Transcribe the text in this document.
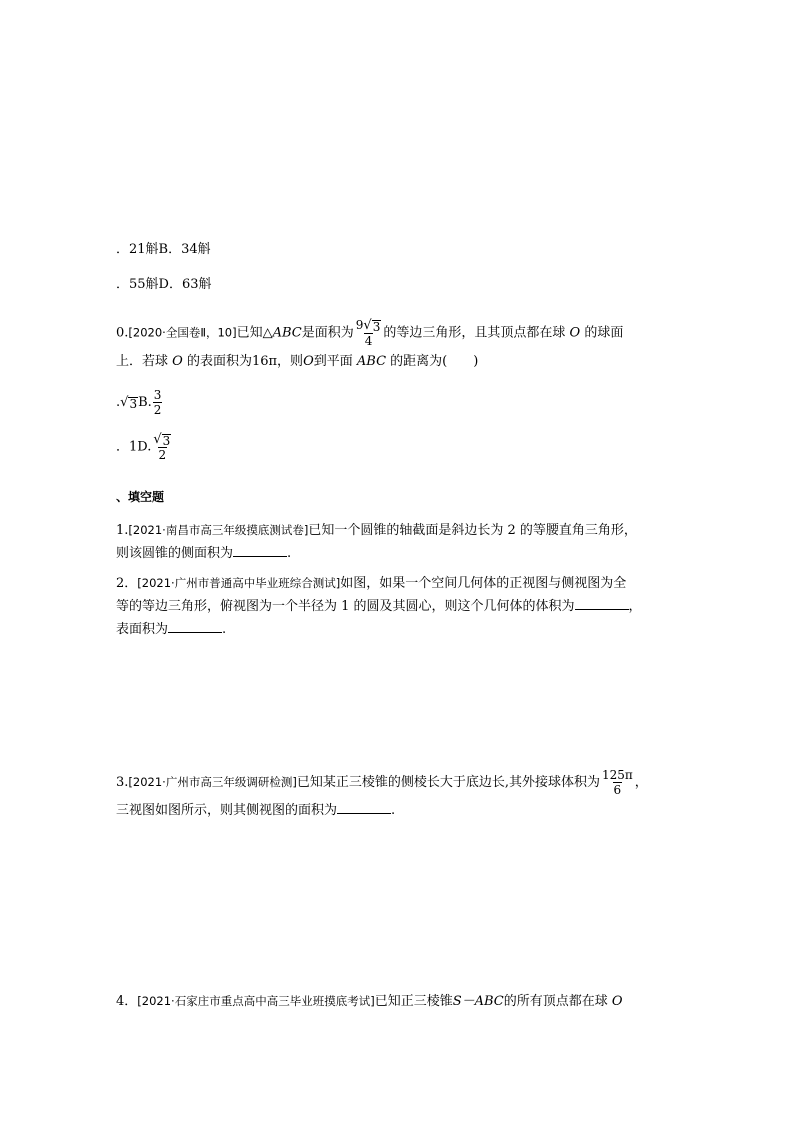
．21斛B．34斛
．55斛D．63斛
0.[2020·全国卷Ⅱ，10]已知△ABC是面积为 $\frac{9 √ 3}{4}$ 的等边三角形，且其顶点都在球 O 的球面
上．若球 O 的表面积为16π，则O到平面 ABC 的距离为(　　)
. √ 3 B. $\frac{3}{2}$
．1D. $\frac{√ 3}{2}$
、填空题
1.[2021·南昌市高三年级摸底测试卷]已知一个圆锥的轴截面是斜边长为 2 的等腰直角三角形，
则该圆锥的侧面积为	.
2．[2021·广州市普通高中毕业班综合测试]如图，如果一个空间几何体的正视图与侧视图为全
等的等边三角形，俯视图为一个半径为 1 的圆及其圆心，则这个几何体的体积为	，
表面积为	.
3.[2021·广州市高三年级调研检测]已知某正三棱锥的侧棱长大于底边长,其外接球体积为 $\frac{125\pi}{6}$ ，
三视图如图所示，则其侧视图的面积为	.
4．[2021·石家庄市重点高中高三毕业班摸底考试]已知正三棱锥S－ABC的所有顶点都在球 O
